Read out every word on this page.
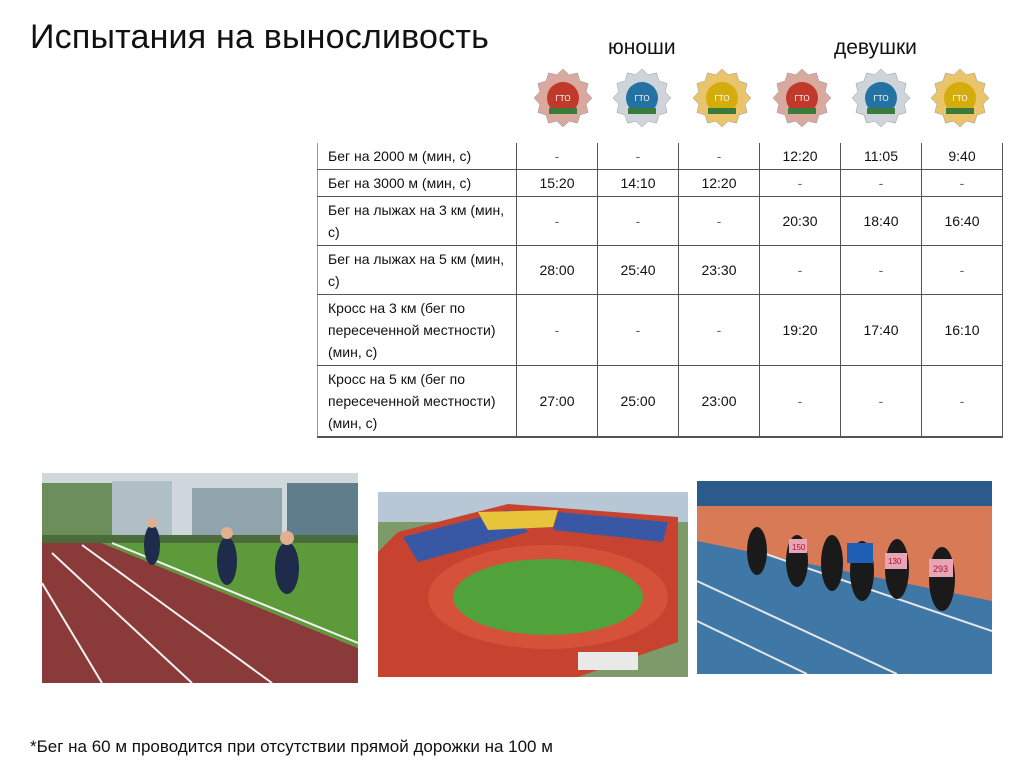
Испытания на выносливость	юноши	девушки
ГТО	ГТО	ГТО	ГТО	ГТО	ГТО
Бег на 2000 м (мин, с)	-	-	-	12:20	11:05	9:40
Бег на 3000 м (мин, с)	15:20	14:10	12:20	-	-	-
Бег на лыжах на 3 км (мин, с)	-	-	-	20:30	18:40	16:40
Бег на лыжах на 5 км (мин, с)	28:00	25:40	23:30	-	-	-
Кросс на 3 км (бег по пересеченной местности) (мин, с)	-	-	-	19:20	17:40	16:10
Кросс на 5 км (бег по пересеченной местности) (мин, с)	27:00	25:00	23:00	-	-	-
150
293
130
*Бег на 60 м проводится при отсутствии прямой дорожки на 100 м
